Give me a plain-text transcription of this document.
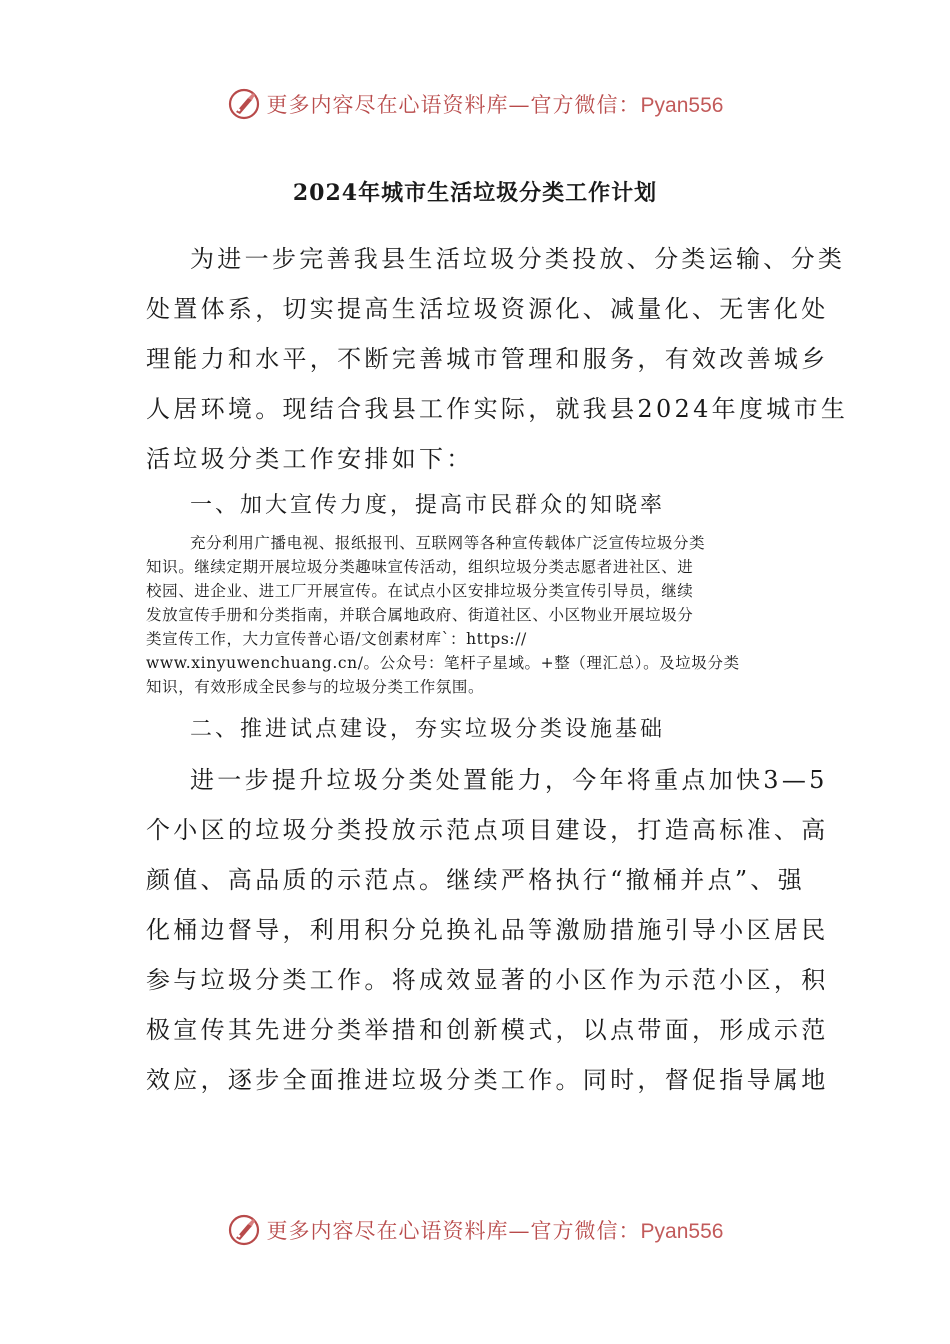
更多内容尽在心语资料库—官方微信：Pyan556
2024年城市生活垃圾分类工作计划
为进一步完善我县生活垃圾分类投放、分类运输、分类
处置体系，切实提高生活垃圾资源化、减量化、无害化处
理能力和水平，不断完善城市管理和服务，有效改善城乡
人居环境。现结合我县工作实际，就我县2024年度城市生
活垃圾分类工作安排如下：
一、加大宣传力度，提高市民群众的知晓率
充分利用广播电视、报纸报刊、互联网等各种宣传载体广泛宣传垃圾分类
知识。继续定期开展垃圾分类趣味宣传活动，组织垃圾分类志愿者进社区、进
校园、进企业、进工厂开展宣传。在试点小区安排垃圾分类宣传引导员，继续
发放宣传手册和分类指南，并联合属地政府、街道社区、小区物业开展垃圾分
类宣传工作，大力宣传普心语/文创素材库`：https://
www.xinyuwenchuang.cn/。公众号：笔杆子星域。+整（理汇总）。及垃圾分类
知识，有效形成全民参与的垃圾分类工作氛围。
二、推进试点建设，夯实垃圾分类设施基础
进一步提升垃圾分类处置能力，今年将重点加快3—5
个小区的垃圾分类投放示范点项目建设，打造高标准、高
颜值、高品质的示范点。继续严格执行“撤桶并点”、强
化桶边督导，利用积分兑换礼品等激励措施引导小区居民
参与垃圾分类工作。将成效显著的小区作为示范小区，积
极宣传其先进分类举措和创新模式，以点带面，形成示范
效应，逐步全面推进垃圾分类工作。同时，督促指导属地
更多内容尽在心语资料库—官方微信：Pyan556
